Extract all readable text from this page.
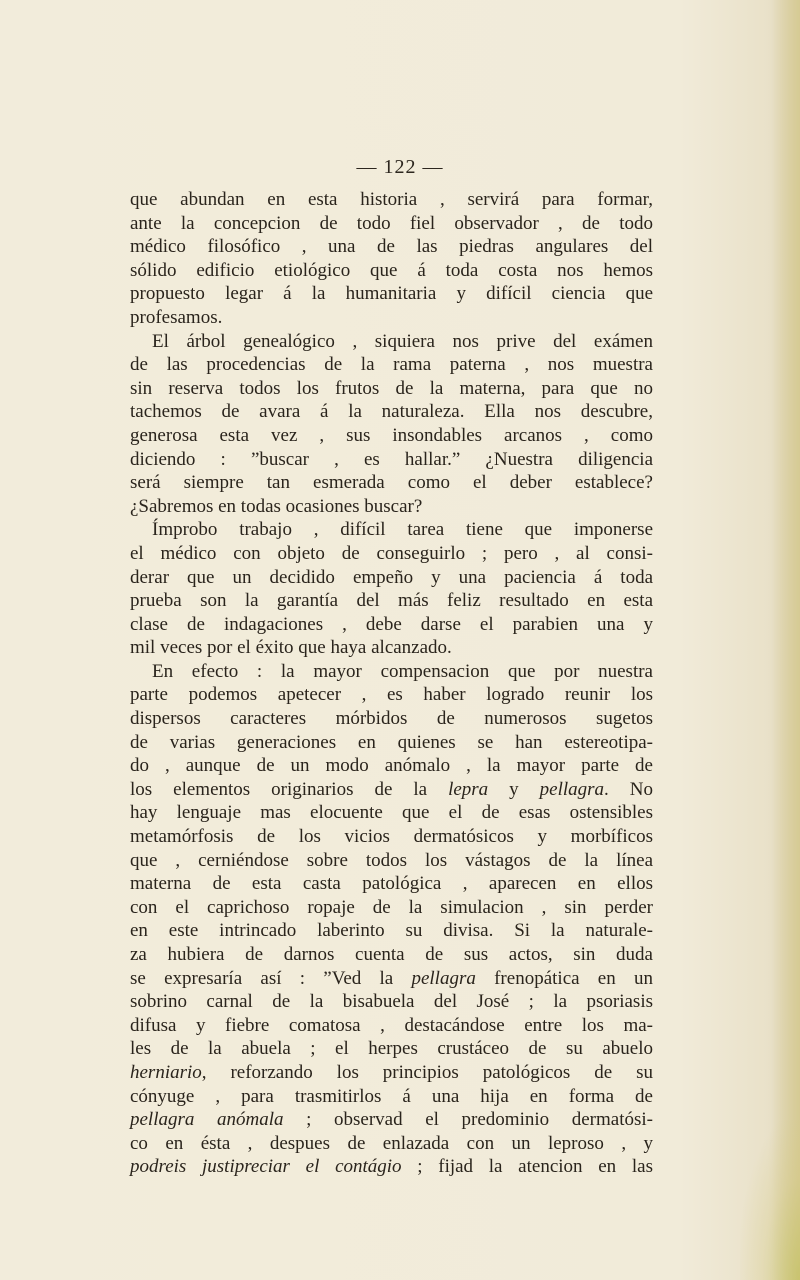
— 122 —
que abundan en esta historia , servirá para formar,
ante la concepcion de todo fiel observador , de todo
médico filosófico , una de las piedras angulares del
sólido edificio etiológico que á toda costa nos hemos
propuesto legar á la humanitaria y difícil ciencia que
profesamos.
El árbol genealógico , siquiera nos prive del exámen
de las procedencias de la rama paterna , nos muestra
sin reserva todos los frutos de la materna, para que no
tachemos de avara á la naturaleza. Ella nos descubre,
generosa esta vez , sus insondables arcanos , como
diciendo : ”buscar , es hallar.” ¿Nuestra diligencia
será siempre tan esmerada como el deber establece?
¿Sabremos en todas ocasiones buscar?
Ímprobo trabajo , difícil tarea tiene que imponerse
el médico con objeto de conseguirlo ; pero , al consi-
derar que un decidido empeño y una paciencia á toda
prueba son la garantía del más feliz resultado en esta
clase de indagaciones , debe darse el parabien una y
mil veces por el éxito que haya alcanzado.
En efecto : la mayor compensacion que por nuestra
parte podemos apetecer , es haber logrado reunir los
dispersos caracteres mórbidos de numerosos sugetos
de varias generaciones en quienes se han estereotipa-
do , aunque de un modo anómalo , la mayor parte de
los elementos originarios de la lepra y pellagra. No
hay lenguaje mas elocuente que el de esas ostensibles
metamórfosis de los vicios dermatósicos y morbíficos
que , cerniéndose sobre todos los vástagos de la línea
materna de esta casta patológica , aparecen en ellos
con el caprichoso ropaje de la simulacion , sin perder
en este intrincado laberinto su divisa. Si la naturale-
za hubiera de darnos cuenta de sus actos, sin duda
se expresaría así : ”Ved la pellagra frenopática en un
sobrino carnal de la bisabuela del José ; la psoriasis
difusa y fiebre comatosa , destacándose entre los ma-
les de la abuela ; el herpes crustáceo de su abuelo
herniario, reforzando los principios patológicos de su
cónyuge , para trasmitirlos á una hija en forma de
pellagra anómala ; observad el predominio dermatósi-
co en ésta , despues de enlazada con un leproso , y
podreis justipreciar el contágio ; fijad la atencion en las
